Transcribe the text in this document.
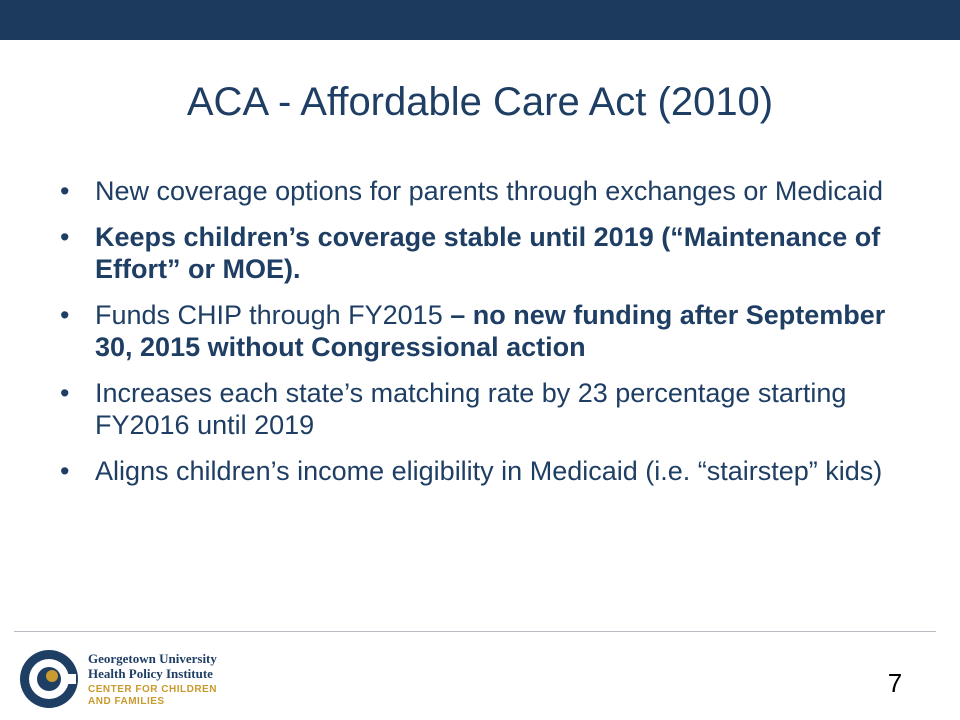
ACA - Affordable Care Act (2010)
• New coverage options for parents through exchanges or Medicaid
• Keeps children’s coverage stable until 2019 (“Maintenance of Effort” or MOE).
• Funds CHIP through FY2015 – no new funding after September 30, 2015 without Congressional action
• Increases each state’s matching rate by 23 percentage starting FY2016 until 2019
• Aligns children’s income eligibility in Medicaid (i.e. “stairstep” kids)
Georgetown University
Health Policy Institute
CENTER FOR CHILDREN
AND FAMILIES
7
